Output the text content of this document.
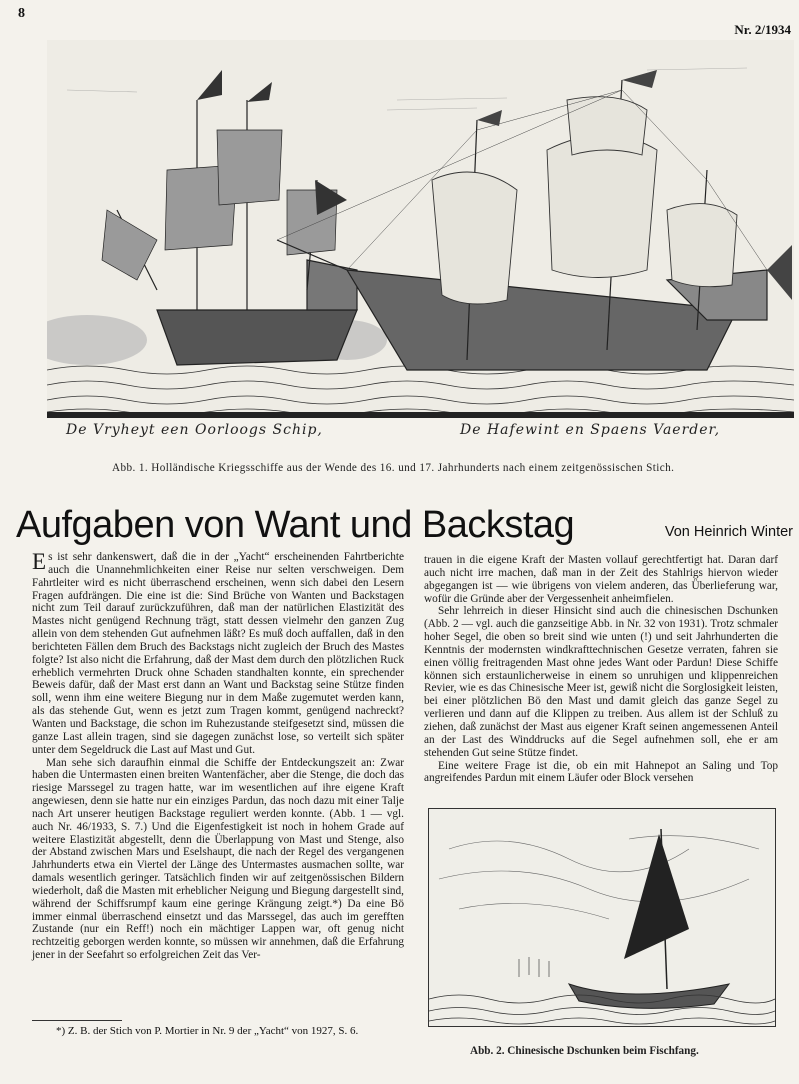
8
Nr. 2/1934
De Vryheyt een Oorloogs Schip,	De Hafewint en Spaens Vaerder,
Abb. 1. Holländische Kriegsschiffe aus der Wende des 16. und 17. Jahrhunderts nach einem zeitgenössischen Stich.
Aufgaben von Want und Backstag	Von Heinrich Winter

Es ist sehr dankenswert, daß die in der „Yacht“ erscheinenden Fahrtberichte auch die Unannehmlichkeiten einer Reise nur selten verschweigen. Dem Fahrtleiter wird es nicht überraschend erscheinen, wenn sich dabei den Lesern Fragen aufdrängen. Die eine ist die: Sind Brüche von Wanten und Backstagen nicht zum Teil darauf zurückzuführen, daß man der natürlichen Elastizität des Mastes nicht genügend Rechnung trägt, statt dessen vielmehr den ganzen Zug allein von dem stehenden Gut aufnehmen läßt? Es muß doch auffallen, daß in den berichteten Fällen dem Bruch des Backstags nicht zugleich der Bruch des Mastes folgte? Ist also nicht die Erfahrung, daß der Mast dem durch den plötzlichen Ruck erheblich vermehrten Druck ohne Schaden standhalten konnte, ein sprechender Beweis dafür, daß der Mast erst dann an Want und Backstag seine Stütze finden soll, wenn ihm eine weitere Biegung nur in dem Maße zugemutet werden kann, als das stehende Gut, wenn es jetzt zum Tragen kommt, genügend nachreckt? Wanten und Backstage, die schon im Ruhezustande steifgesetzt sind, müssen die ganze Last allein tragen, sind sie dagegen zunächst lose, so verteilt sich später unter dem Segeldruck die Last auf Mast und Gut.

Man sehe sich daraufhin einmal die Schiffe der Entdeckungszeit an: Zwar haben die Untermasten einen breiten Wantenfächer, aber die Stenge, die doch das riesige Marssegel zu tragen hatte, war im wesentlichen auf ihre eigene Kraft angewiesen, denn sie hatte nur ein einziges Pardun, das noch dazu mit einer Talje nach Art unserer heutigen Backstage reguliert werden konnte. (Abb. 1 — vgl. auch Nr. 46/1933, S. 7.) Und die Eigenfestigkeit ist noch in hohem Grade auf weitere Elastizität abgestellt, denn die Überlappung von Mast und Stenge, also der Abstand zwischen Mars und Eselshaupt, die nach der Regel des vergangenen Jahrhunderts etwa ein Viertel der Länge des Untermastes ausmachen sollte, war damals wesentlich geringer. Tatsächlich finden wir auf zeitgenössischen Bildern wiederholt, daß die Masten mit erheblicher Neigung und Biegung dargestellt sind, während der Schiffsrumpf kaum eine geringe Krängung zeigt.*) Da eine Bö immer einmal überraschend einsetzt und das Marssegel, das auch im gerefften Zustande (nur ein Reff!) noch ein mächtiger Lappen war, oft genug nicht rechtzeitig geborgen werden konnte, so müssen wir annehmen, daß die Erfahrung jener in der Seefahrt so erfolgreichen Zeit das Ver-

trauen in die eigene Kraft der Masten vollauf gerechtfertigt hat. Daran darf auch nicht irre machen, daß man in der Zeit des Stahlrigs hiervon wieder abgegangen ist — wie übrigens von vielem anderen, das Überlieferung war, wofür die Gründe aber der Vergessenheit anheimfielen.

Sehr lehrreich in dieser Hinsicht sind auch die chinesischen Dschunken (Abb. 2 — vgl. auch die ganzseitige Abb. in Nr. 32 von 1931). Trotz schmaler hoher Segel, die oben so breit sind wie unten (!) und seit Jahrhunderten die Kenntnis der modernsten windkrafttechnischen Gesetze verraten, fahren sie einen völlig freitragenden Mast ohne jedes Want oder Pardun! Diese Schiffe können sich erstaunlicherweise in einem so unruhigen und klippenreichen Revier, wie es das Chinesische Meer ist, gewiß nicht die Sorglosigkeit leisten, bei einer plötzlichen Bö den Mast und damit gleich das ganze Segel zu verlieren und dann auf die Klippen zu treiben. Aus allem ist der Schluß zu ziehen, daß zunächst der Mast aus eigener Kraft seinen angemessenen Anteil an der Last des Winddrucks auf die Segel aufnehmen soll, ehe er am stehenden Gut seine Stütze findet.

Eine weitere Frage ist die, ob ein mit Hahnepot an Saling und Top angreifendes Pardun mit einem Läufer oder Block versehen

*) Z. B. der Stich von P. Mortier in Nr. 9 der „Yacht“ von 1927, S. 6.
Abb. 2. Chinesische Dschunken beim Fischfang.
